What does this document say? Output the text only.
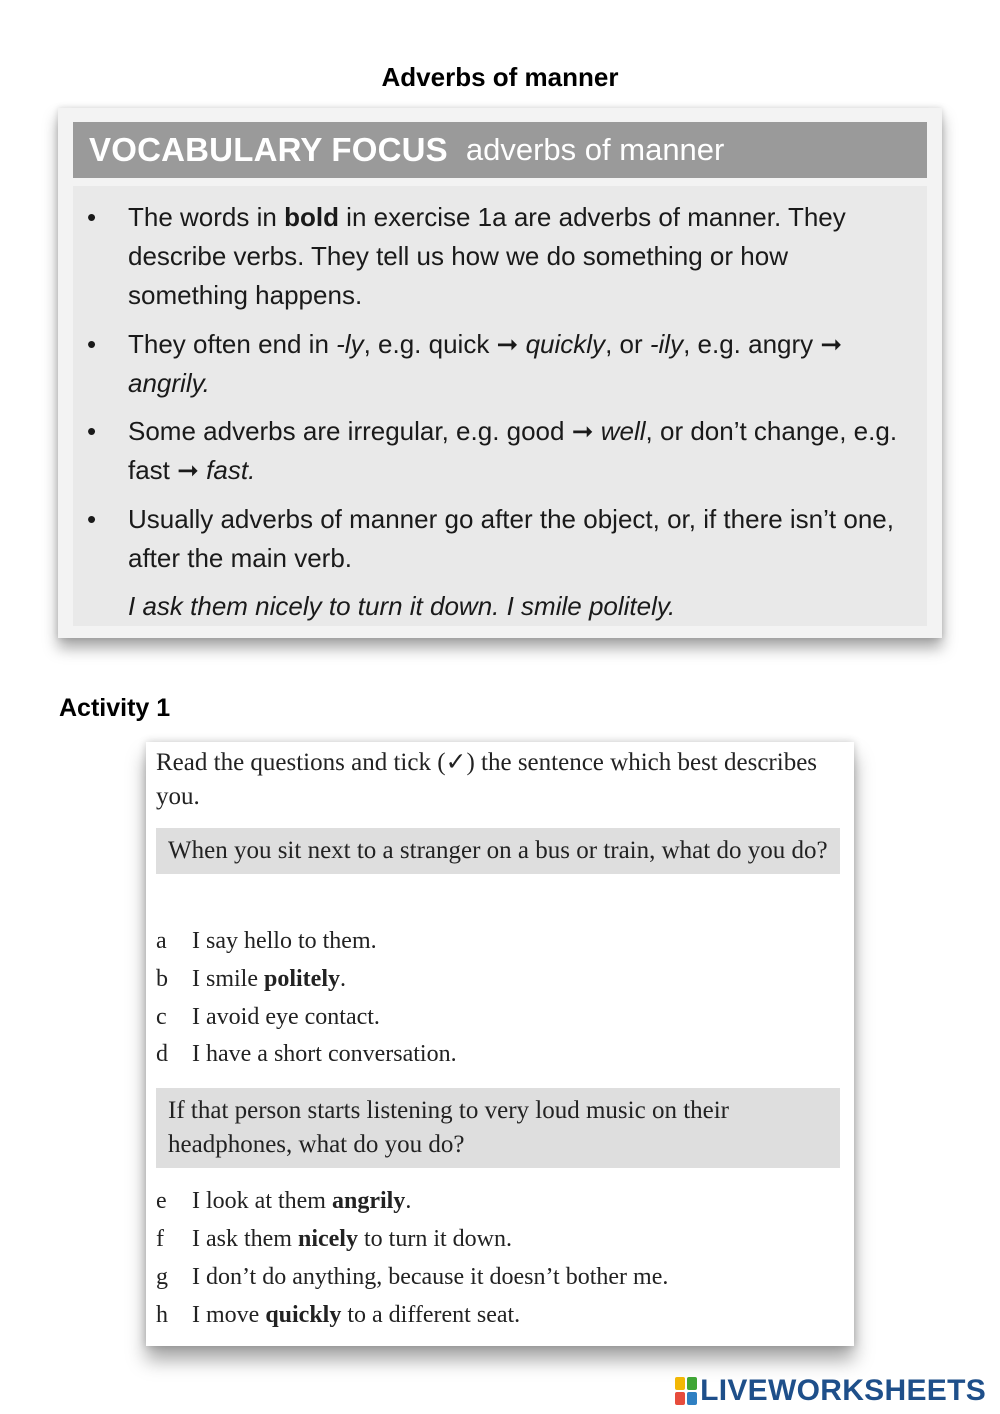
Adverbs of manner
VOCABULARY FOCUS adverbs of manner
• The words in bold in exercise 1a are adverbs of manner. They describe verbs. They tell us how we do something or how something happens.
• They often end in -ly, e.g. quick ➞ quickly, or -ily, e.g. angry ➞ angrily.
• Some adverbs are irregular, e.g. good ➞ well, or don’t change, e.g. fast ➞ fast.
• Usually adverbs of manner go after the object, or, if there isn’t one, after the main verb.
I ask them nicely to turn it down. I smile politely.
Activity 1
Read the questions and tick (✓) the sentence which best describes you.
When you sit next to a stranger on a bus or train, what do you do?
a I say hello to them.
b I smile politely.
c I avoid eye contact.
d I have a short conversation.
If that person starts listening to very loud music on their headphones, what do you do?
e I look at them angrily.
f I ask them nicely to turn it down.
g I don’t do anything, because it doesn’t bother me.
h I move quickly to a different seat.
LIVEWORKSHEETS
